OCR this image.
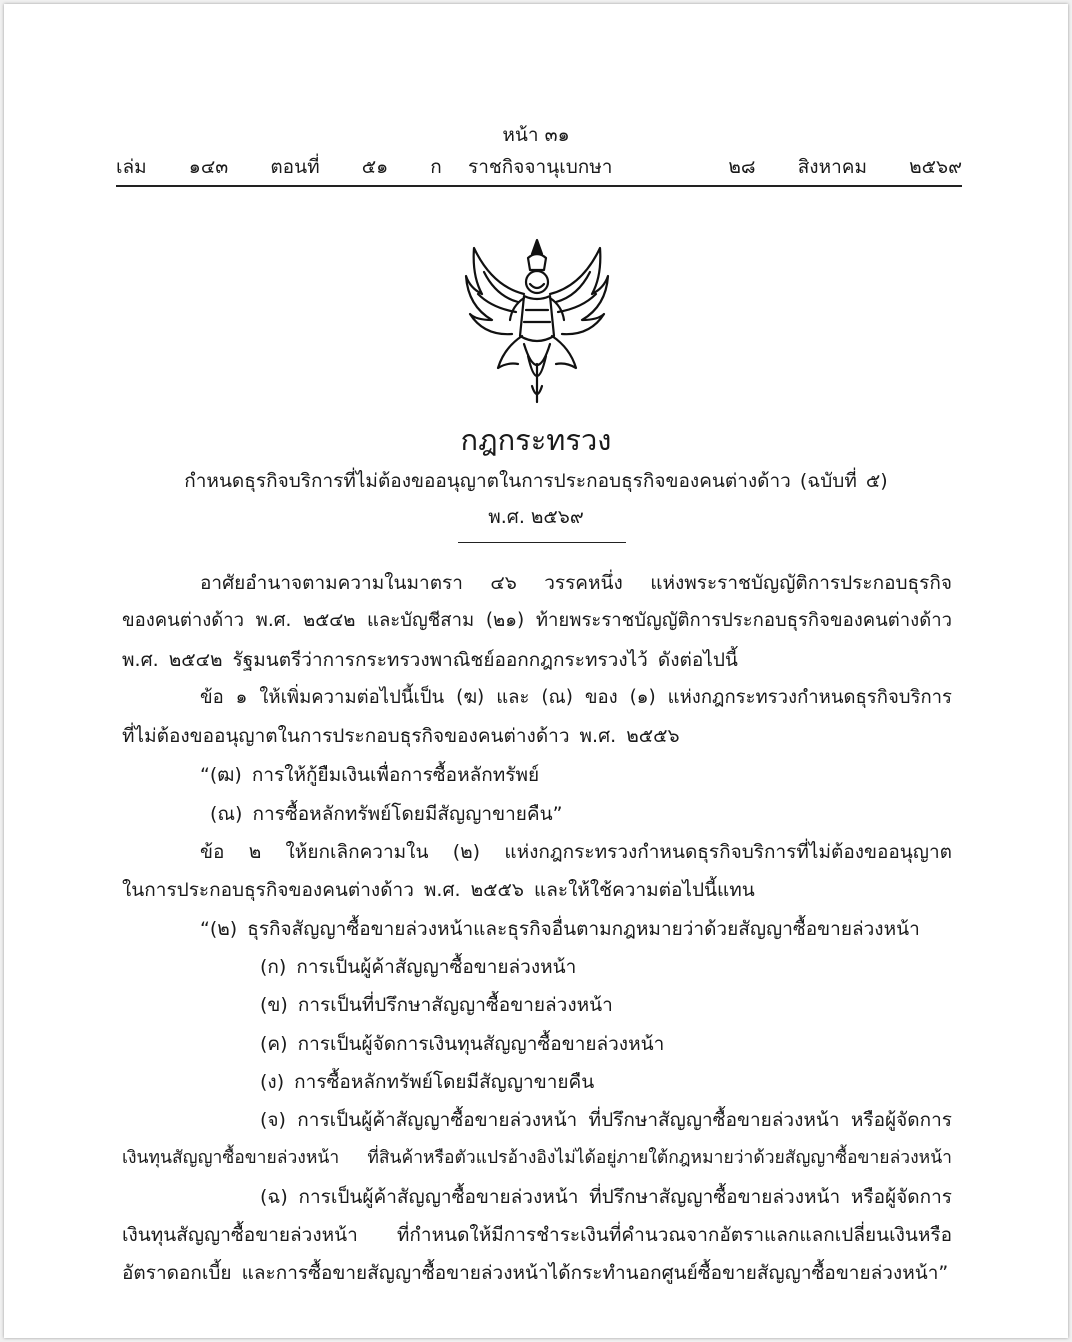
หน้า ๓๑
เล่ม   ๑๔๓   ตอนที่   ๕๑   ก ราชกิจจานุเบกษา	๒๘   สิงหาคม   ๒๕๖๙
กฎกระทรวง
กำหนดธุรกิจบริการที่ไม่ต้องขออนุญาตในการประกอบธุรกิจของคนต่างด้าว (ฉบับที่ ๕)
พ.ศ. ๒๕๖๙
อาศัยอำนาจตามความในมาตรา ๔๖ วรรคหนึ่ง แห่งพระราชบัญญัติการประกอบธุรกิจ
ของคนต่างด้าว พ.ศ. ๒๕๔๒ และบัญชีสาม (๒๑) ท้ายพระราชบัญญัติการประกอบธุรกิจของคนต่างด้าว
พ.ศ. ๒๕๔๒ รัฐมนตรีว่าการกระทรวงพาณิชย์ออกกฎกระทรวงไว้ ดังต่อไปนี้
ข้อ ๑ ให้เพิ่มความต่อไปนี้เป็น (ฆ) และ (ณ) ของ (๑) แห่งกฎกระทรวงกำหนดธุรกิจบริการ
ที่ไม่ต้องขออนุญาตในการประกอบธุรกิจของคนต่างด้าว พ.ศ. ๒๕๕๖
“(ฒ) การให้กู้ยืมเงินเพื่อการซื้อหลักทรัพย์
(ณ) การซื้อหลักทรัพย์โดยมีสัญญาขายคืน”
ข้อ ๒ ให้ยกเลิกความใน (๒) แห่งกฎกระทรวงกำหนดธุรกิจบริการที่ไม่ต้องขออนุญาต
ในการประกอบธุรกิจของคนต่างด้าว พ.ศ. ๒๕๕๖ และให้ใช้ความต่อไปนี้แทน
“(๒) ธุรกิจสัญญาซื้อขายล่วงหน้าและธุรกิจอื่นตามกฎหมายว่าด้วยสัญญาซื้อขายล่วงหน้า
(ก) การเป็นผู้ค้าสัญญาซื้อขายล่วงหน้า
(ข) การเป็นที่ปรึกษาสัญญาซื้อขายล่วงหน้า
(ค) การเป็นผู้จัดการเงินทุนสัญญาซื้อขายล่วงหน้า
(ง) การซื้อหลักทรัพย์โดยมีสัญญาขายคืน
(จ) การเป็นผู้ค้าสัญญาซื้อขายล่วงหน้า ที่ปรึกษาสัญญาซื้อขายล่วงหน้า หรือผู้จัดการ
เงินทุนสัญญาซื้อขายล่วงหน้า ที่สินค้าหรือตัวแปรอ้างอิงไม่ได้อยู่ภายใต้กฎหมายว่าด้วยสัญญาซื้อขายล่วงหน้า
(ฉ) การเป็นผู้ค้าสัญญาซื้อขายล่วงหน้า ที่ปรึกษาสัญญาซื้อขายล่วงหน้า หรือผู้จัดการ
เงินทุนสัญญาซื้อขายล่วงหน้า ที่กำหนดให้มีการชำระเงินที่คำนวณจากอัตราแลกแลกเปลี่ยนเงินหรือ
อัตราดอกเบี้ย และการซื้อขายสัญญาซื้อขายล่วงหน้าได้กระทำนอกศูนย์ซื้อขายสัญญาซื้อขายล่วงหน้า”
